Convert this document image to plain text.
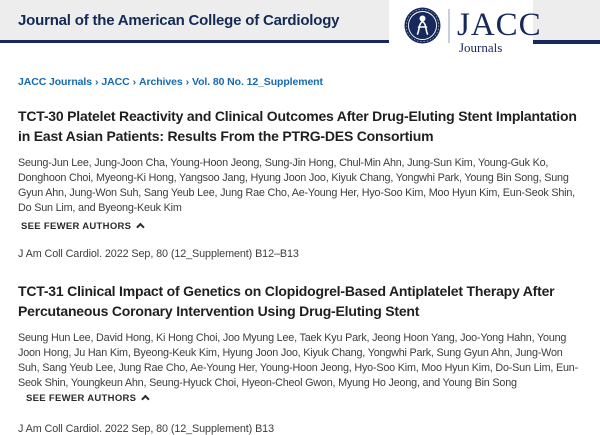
Journal of the American College of Cardiology	JACC
Journals
JACC Journals › JACC › Archives › Vol. 80 No. 12_Supplement
TCT-30 Platelet Reactivity and Clinical Outcomes After Drug-Eluting Stent Implantation in East Asian Patients: Results From the PTRG-DES Consortium

Seung-Jun Lee, Jung-Joon Cha, Young-Hoon Jeong, Sung-Jin Hong, Chul-Min Ahn, Jung-Sun Kim, Young-Guk Ko, Donghoon Choi, Myeong-Ki Hong, Yangsoo Jang, Hyung Joon Joo, Kiyuk Chang, Yongwhi Park, Young Bin Song, Sung Gyun Ahn, Jung-Won Suh, Sang Yeub Lee, Jung Rae Cho, Ae-Young Her, Hyo-Soo Kim, Moo Hyun Kim, Eun-Seok Shin, Do Sun Lim, and Byeong-Keuk Kim

SEE FEWER AUTHORS

J Am Coll Cardiol. 2022 Sep, 80 (12_Supplement) B12–B13

TCT-31 Clinical Impact of Genetics on Clopidogrel-Based Antiplatelet Therapy After Percutaneous Coronary Intervention Using Drug-Eluting Stent

Seung Hun Lee, David Hong, Ki Hong Choi, Joo Myung Lee, Taek Kyu Park, Jeong Hoon Yang, Joo-Yong Hahn, Young Joon Hong, Ju Han Kim, Byeong-Keuk Kim, Hyung Joon Joo, Kiyuk Chang, Yongwhi Park, Sung Gyun Ahn, Jung-Won Suh, Sang Yeub Lee, Jung Rae Cho, Ae-Young Her, Young-Hoon Jeong, Hyo-Soo Kim, Moo Hyun Kim, Do-Sun Lim, Eun-Seok Shin, Youngkeun Ahn, Seung-Hyuck Choi, Hyeon-Cheol Gwon, Myung Ho Jeong, and Young Bin Song
SEE FEWER AUTHORS

J Am Coll Cardiol. 2022 Sep, 80 (12_Supplement) B13
